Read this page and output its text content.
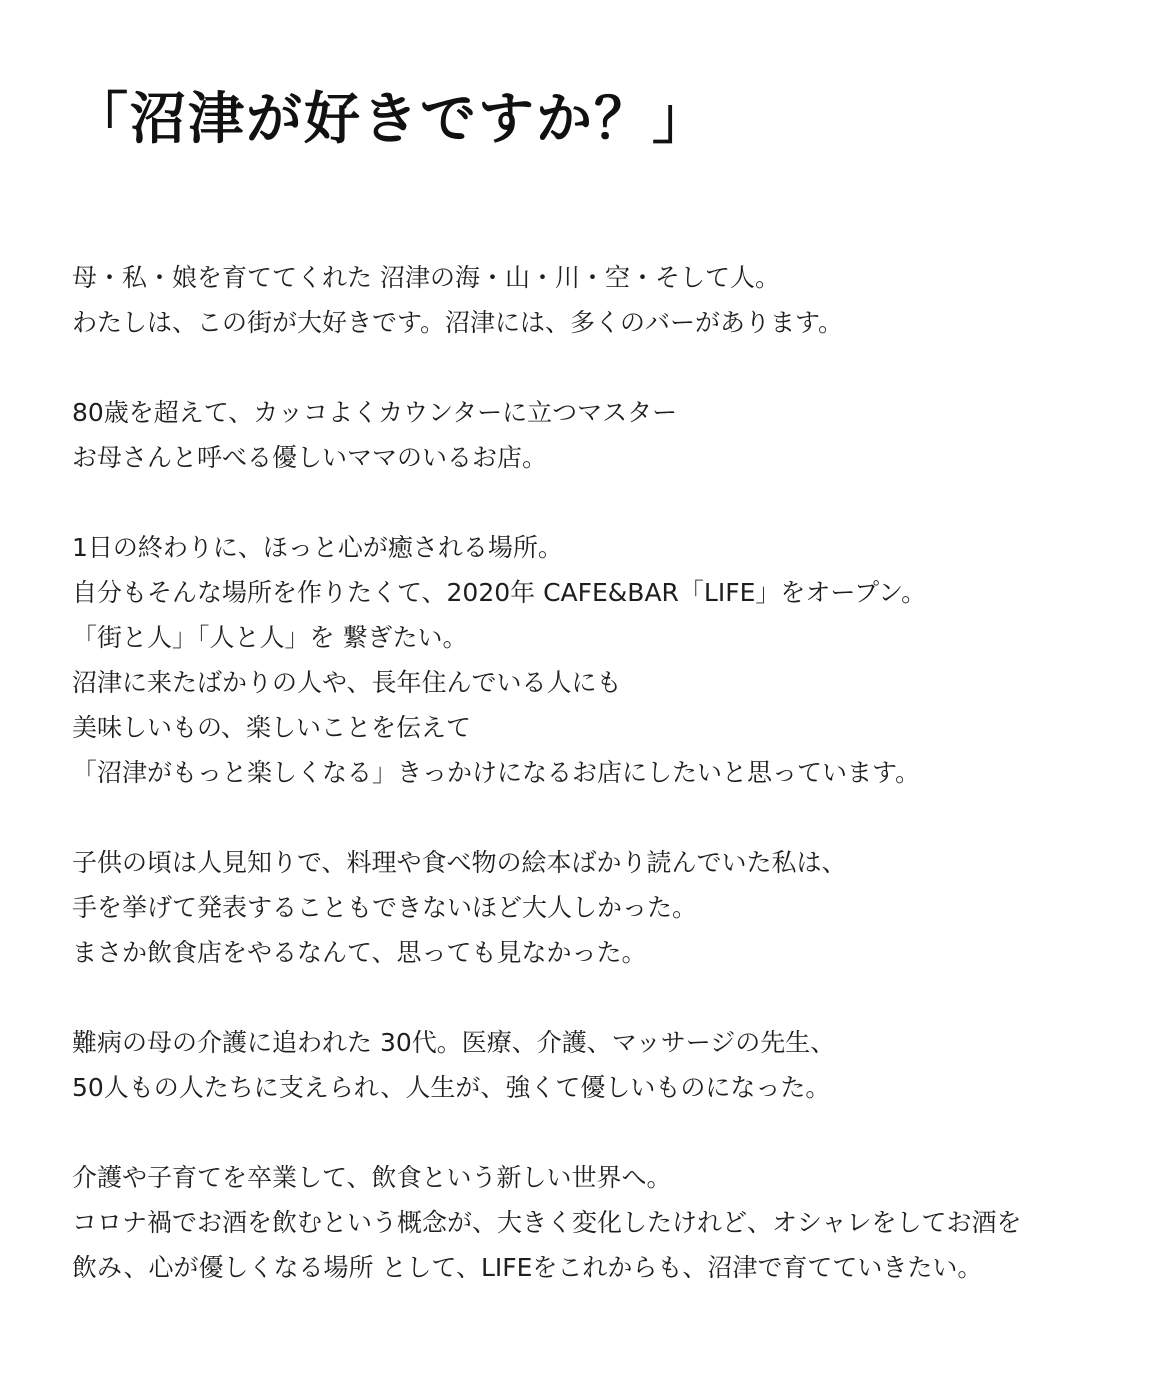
「沼津が好きですか？」

母・私・娘を育ててくれた 沼津の海・山・川・空・そして人。
わたしは、この街が大好きです。沼津には、多くのバーがあります。

80歳を超えて、カッコよくカウンターに立つマスター
お母さんと呼べる優しいママのいるお店。

1日の終わりに、ほっと心が癒される場所。
自分もそんな場所を作りたくて、2020年 CAFE&BAR「LIFE」をオープン。
「街と人」「人と人」を 繋ぎたい。
沼津に来たばかりの人や、長年住んでいる人にも
美味しいもの、楽しいことを伝えて
「沼津がもっと楽しくなる」きっかけになるお店にしたいと思っています。

子供の頃は人見知りで、料理や食べ物の絵本ばかり読んでいた私は、
手を挙げて発表することもできないほど大人しかった。
まさか飲食店をやるなんて、思っても見なかった。

難病の母の介護に追われた 30代。医療、介護、マッサージの先生、
50人もの人たちに支えられ、人生が、強くて優しいものになった。

介護や子育てを卒業して、飲食という新しい世界へ。
コロナ禍でお酒を飲むという概念が、大きく変化したけれど、オシャレをしてお酒を
飲み、心が優しくなる場所 として、LIFEをこれからも、沼津で育てていきたい。
